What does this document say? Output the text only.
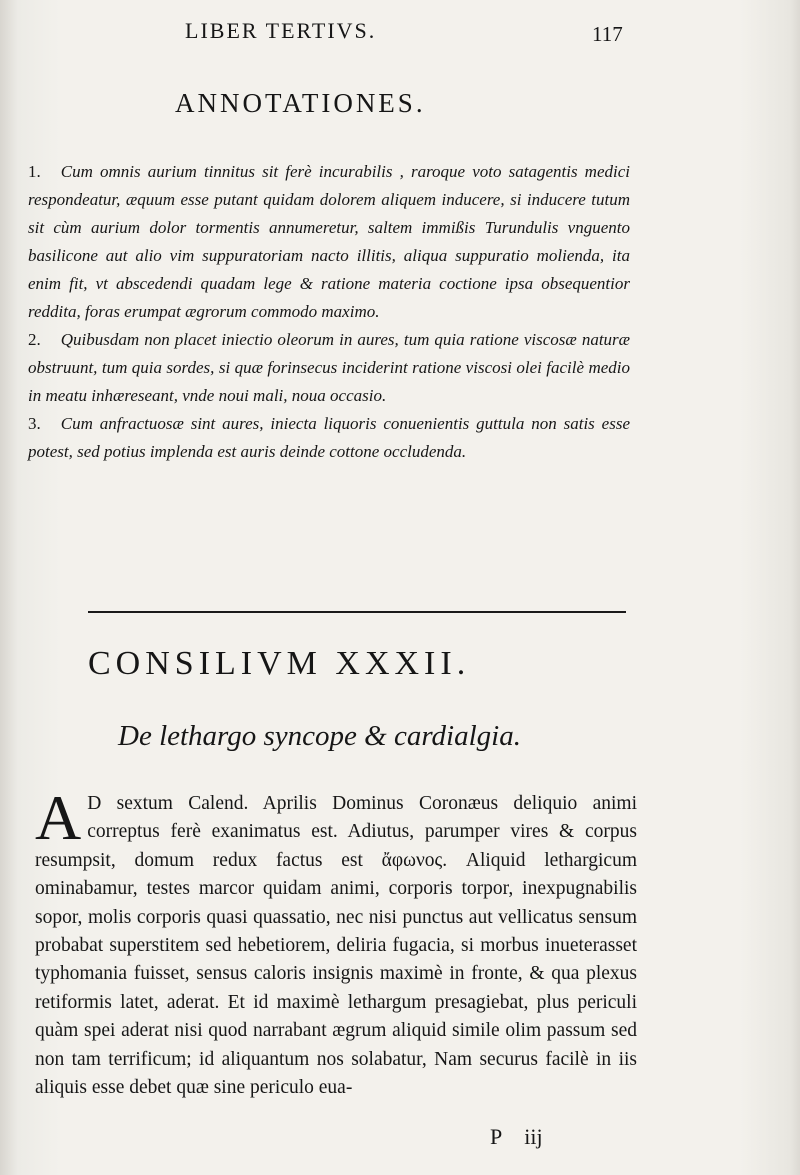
LIBER TERTIVS.	117
ANNOTATIONES.

1. Cum omnis aurium tinnitus sit ferè incurabilis , raroque voto satagentis medici respondeatur, æquum esse putant quidam dolorem aliquem inducere, si inducere tutum sit cùm aurium dolor tormentis annumeretur, saltem immißis Turundulis vnguento basilicone aut alio vim suppuratoriam nacto illitis, aliqua suppuratio molienda, ita enim fit, vt abscedendi quadam lege & ratione materia coctione ipsa obsequentior reddita, foras erumpat ægrorum commodo maximo.

2. Quibusdam non placet iniectio oleorum in aures, tum quia ratione viscosæ naturæ obstruunt, tum quia sordes, si quæ forinsecus inciderint ratione viscosi olei facilè medio in meatu inhæreseant, vnde noui mali, noua occasio.

3. Cum anfractuosæ sint aures, iniecta liquoris conuenientis guttula non satis esse potest, sed potius implenda est auris deinde cottone occludenda.

CONSILIVM XXXII.
De lethargo syncope & cardialgia.
A D sextum Calend. Aprilis Dominus Coronæus deliquio animi correptus ferè exanimatus est. Adiutus, parumper vires & corpus resumpsit, domum redux factus est ἄφωνος. Aliquid lethargicum ominabamur, testes marcor quidam animi, corporis torpor, inexpugnabilis sopor, molis corporis quasi quassatio, nec nisi punctus aut vellicatus sensum probabat superstitem sed hebetiorem, deliria fugacia, si morbus inueterasset typhomania fuisset, sensus caloris insignis maximè in fronte, & qua plexus retiformis latet, aderat. Et id maximè lethargum presagiebat, plus periculi quàm spei aderat nisi quod narrabant ægrum aliquid simile olim passum sed non tam terrificum; id aliquantum nos solabatur, Nam securus facilè in iis aliquis esse debet quæ sine periculo eua-
P iij
